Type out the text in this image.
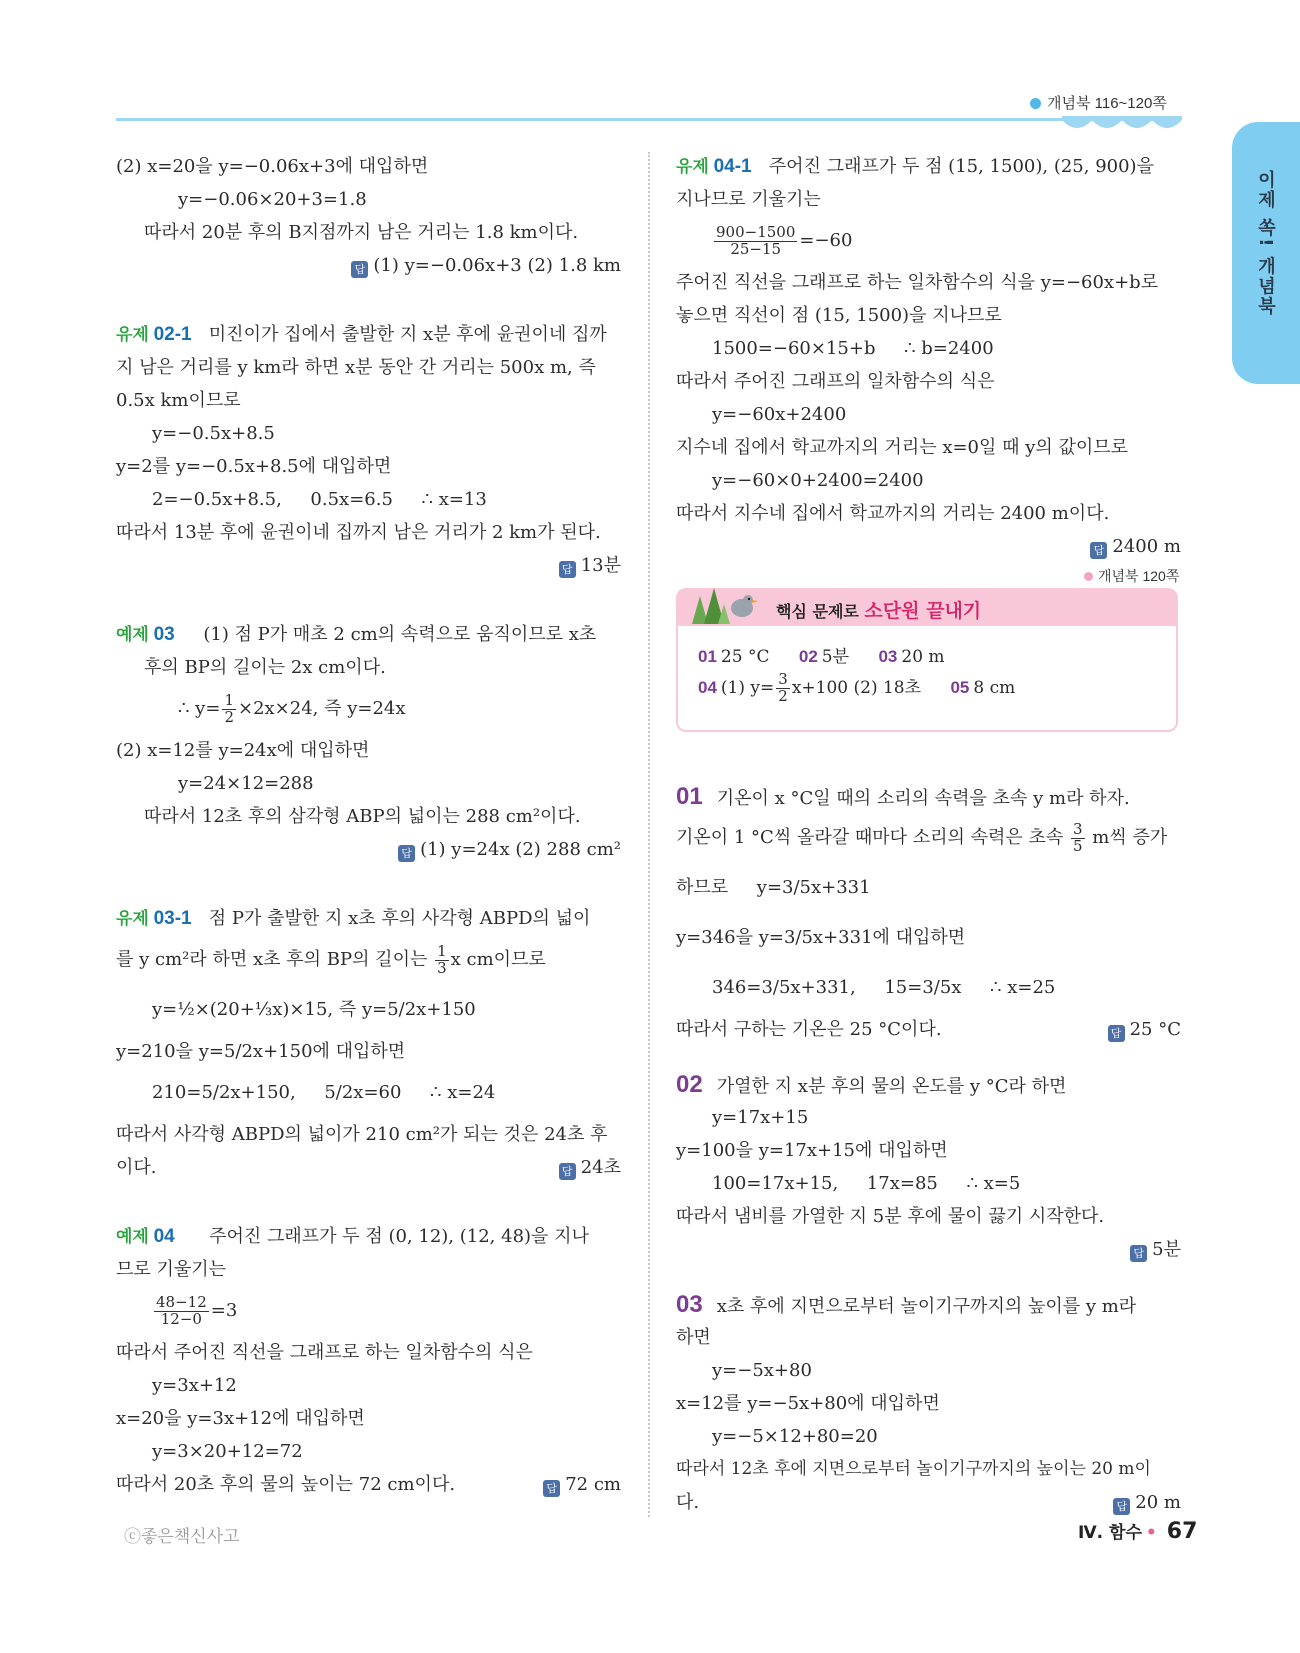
개념북 116~120쪽
이제 쏙! 개념북
(2) x=20을 y=−0.06x+3에 대입하면
y=−0.06×20+3=1.8
따라서 20분 후의 B지점까지 남은 거리는 1.8 km이다.
답 (1) y=−0.06x+3 (2) 1.8 km
유제 02-1 미진이가 집에서 출발한 지 x분 후에 윤권이네 집까
지 남은 거리를 y km라 하면 x분 동안 간 거리는 500x m, 즉
0.5x km이므로
y=−0.5x+8.5
y=2를 y=−0.5x+8.5에 대입하면
2=−0.5x+8.5,     0.5x=6.5     ∴ x=13
따라서 13분 후에 윤권이네 집까지 남은 거리가 2 km가 된다.
답 13분
예제 03 (1) 점 P가 매초 2 cm의 속력으로 움직이므로 x초
후의 BP의 길이는 2x cm이다.
∴ $y= \frac{1}{2} \times 2x\times 24$, 즉 y=24x
(2) x=12를 y=24x에 대입하면
y=24×12=288
따라서 12초 후의 삼각형 ABP의 넓이는 288 cm²이다.
답 (1) y=24x (2) 288 cm²
유제 03-1 점 P가 출발한 지 x초 후의 사각형 ABPD의 넓이
를 y cm²라 하면 x초 후의 BP의 길이는 $\frac{1}{3}$ x cm이므로
y=½×(20+⅓x)×15, 즉 y=5/2x+150
y=210을 y=5/2x+150에 대입하면
210=5/2x+150,     5/2x=60     ∴ x=24
따라서 사각형 ABPD의 넓이가 210 cm²가 되는 것은 24초 후
이다.	답 24초
예제 04 주어진 그래프가 두 점 (0, 12), (12, 48)을 지나
므로 기울기는
$\frac{48-12}{12-0} =3$
따라서 주어진 직선을 그래프로 하는 일차함수의 식은
y=3x+12
x=20을 y=3x+12에 대입하면
y=3×20+12=72
따라서 20초 후의 물의 높이는 72 cm이다.	답 72 cm
유제 04-1 주어진 그래프가 두 점 (15, 1500), (25, 900)을
지나므로 기울기는
$\frac{900-1500}{25-15} =-60$
주어진 직선을 그래프로 하는 일차함수의 식을 y=−60x+b로
놓으면 직선이 점 (15, 1500)을 지나므로
1500=−60×15+b     ∴ b=2400
따라서 주어진 그래프의 일차함수의 식은
y=−60x+2400
지수네 집에서 학교까지의 거리는 x=0일 때 y의 값이므로
y=−60×0+2400=2400
따라서 지수네 집에서 학교까지의 거리는 2400 m이다.
답 2400 m
개념북 120쪽
핵심 문제로 소단원 끝내기
01 25 °C 02 5분 03 20 m
04 (1) $y= \frac{3}{2} x+100$ (2) 18초 05 8 cm
01 기온이 x °C일 때의 소리의 속력을 초속 y m라 하자.
기온이 1 °C씩 올라갈 때마다 소리의 속력은 초속 $\frac{3}{5}$ m씩 증가
하므로     y=3/5x+331
y=346을 y=3/5x+331에 대입하면
346=3/5x+331,     15=3/5x     ∴ x=25
따라서 구하는 기온은 25 °C이다.	답 25 °C
02 가열한 지 x분 후의 물의 온도를 y °C라 하면
y=17x+15
y=100을 y=17x+15에 대입하면
100=17x+15,     17x=85     ∴ x=5
따라서 냄비를 가열한 지 5분 후에 물이 끓기 시작한다.
답 5분
03 x초 후에 지면으로부터 놀이기구까지의 높이를 y m라
하면
y=−5x+80
x=12를 y=−5x+80에 대입하면
y=−5×12+80=20
따라서 12초 후에 지면으로부터 놀이기구까지의 높이는 20 m이
다.	답 20 m
ⓒ좋은책신사고	Ⅳ. 함수 • 67
